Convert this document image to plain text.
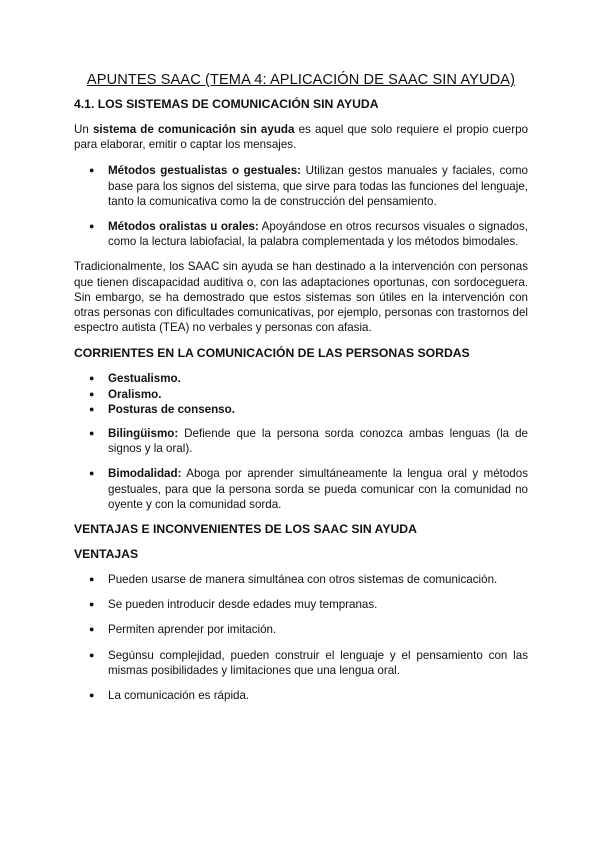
APUNTES SAAC (TEMA 4: APLICACIÓN DE SAAC SIN AYUDA)
4.1. LOS SISTEMAS DE COMUNICACIÓN SIN AYUDA

Un sistema de comunicación sin ayuda es aquel que solo requiere el propio cuerpo para elaborar, emitir o captar los mensajes.

● Métodos gestualistas o gestuales: Utilizan gestos manuales y faciales, como base para los signos del sistema, que sirve para todas las funciones del lenguaje, tanto la comunicativa como la de construcción del pensamiento.
● Métodos oralistas u orales: Apoyándose en otros recursos visuales o signados, como la lectura labiofacial, la palabra complementada y los métodos bimodales.

Tradicionalmente, los SAAC sin ayuda se han destinado a la intervención con personas que tienen discapacidad auditiva o, con las adaptaciones oportunas, con sordoceguera. Sin embargo, se ha demostrado que estos sistemas son útiles en la intervención con otras personas con dificultades comunicativas, por ejemplo, personas con trastornos del espectro autista (TEA) no verbales y personas con afasia.

CORRIENTES EN LA COMUNICACIÓN DE LAS PERSONAS SORDAS
● Gestualismo.
● Oralismo.
● Posturas de consenso.
● Bilingüismo: Defiende que la persona sorda conozca ambas lenguas (la de signos y la oral).
● Bimodalidad: Aboga por aprender simultáneamente la lengua oral y métodos gestuales, para que la persona sorda se pueda comunicar con la comunidad no oyente y con la comunidad sorda.
VENTAJAS E INCONVENIENTES DE LOS SAAC SIN AYUDA
VENTAJAS
● Pueden usarse de manera simultánea con otros sistemas de comunicación.
● Se pueden introducir desde edades muy tempranas.
● Permiten aprender por imitación.
● Segúnsu complejidad, pueden construir el lenguaje y el pensamiento con las mismas posibilidades y limitaciones que una lengua oral.
● La comunicación es rápida.
